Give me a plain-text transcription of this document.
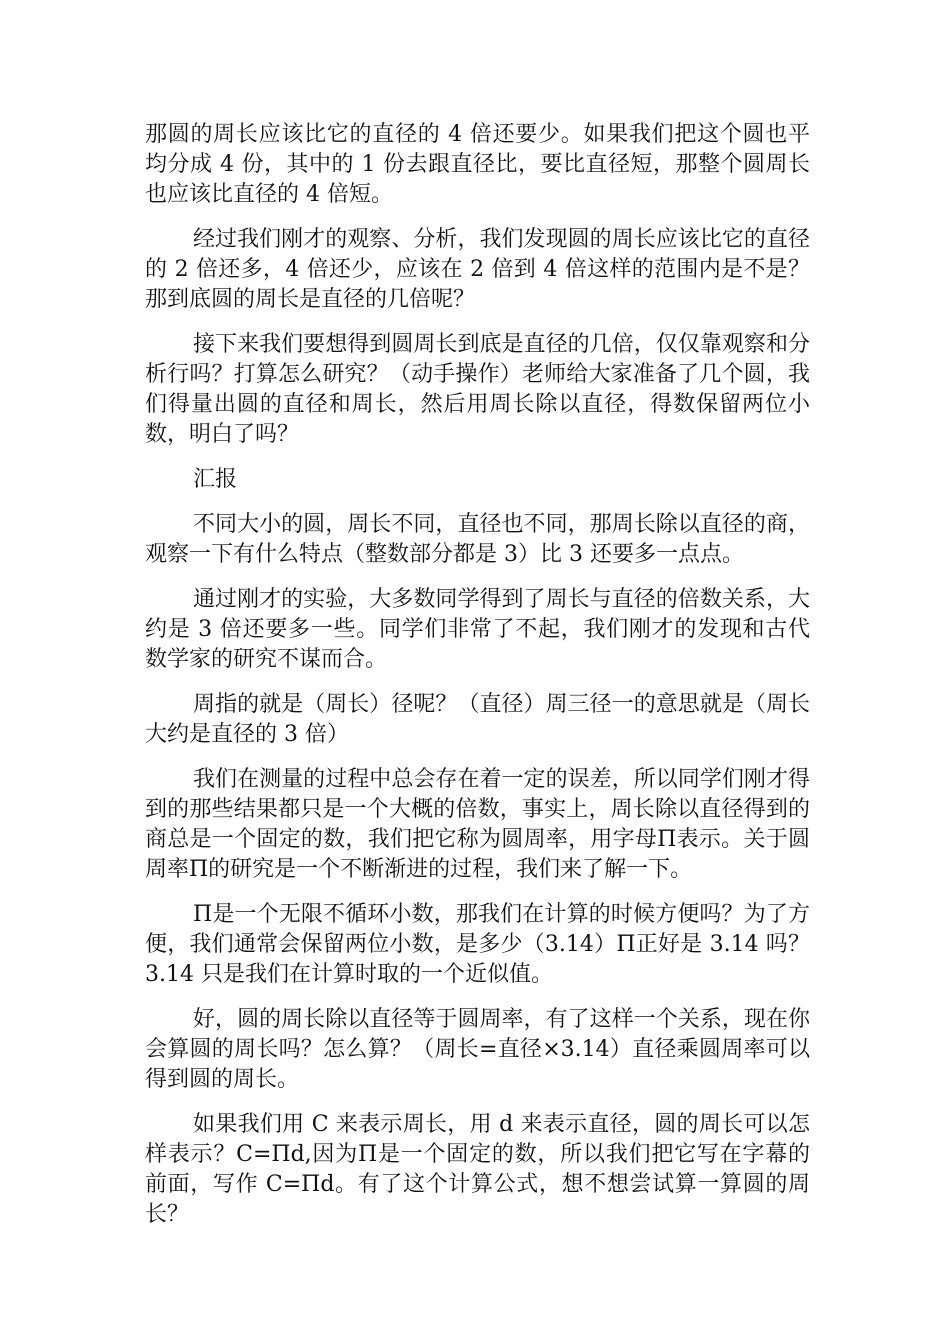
那圆的周长应该比它的直径的 4 倍还要少。如果我们把这个圆也平均分成 4 份，其中的 1 份去跟直径比，要比直径短，那整个圆周长也应该比直径的 4 倍短。

经过我们刚才的观察、分析，我们发现圆的周长应该比它的直径的 2 倍还多，4 倍还少，应该在 2 倍到 4 倍这样的范围内是不是？那到底圆的周长是直径的几倍呢？

接下来我们要想得到圆周长到底是直径的几倍，仅仅靠观察和分析行吗？打算怎么研究？（动手操作）老师给大家准备了几个圆，我们得量出圆的直径和周长，然后用周长除以直径，得数保留两位小数，明白了吗？

汇报

不同大小的圆，周长不同，直径也不同，那周长除以直径的商，观察一下有什么特点（整数部分都是 3）比 3 还要多一点点。

通过刚才的实验，大多数同学得到了周长与直径的倍数关系，大约是 3 倍还要多一些。同学们非常了不起，我们刚才的发现和古代数学家的研究不谋而合。

周指的就是（周长）径呢？（直径）周三径一的意思就是（周长大约是直径的 3 倍）

我们在测量的过程中总会存在着一定的误差，所以同学们刚才得到的那些结果都只是一个大概的倍数，事实上，周长除以直径得到的商总是一个固定的数，我们把它称为圆周率，用字母Π表示。关于圆周率Π的研究是一个不断渐进的过程，我们来了解一下。

Π是一个无限不循环小数，那我们在计算的时候方便吗？为了方便，我们通常会保留两位小数，是多少（3.14）Π正好是 3.14 吗？3.14 只是我们在计算时取的一个近似值。

好，圆的周长除以直径等于圆周率，有了这样一个关系，现在你会算圆的周长吗？怎么算？（周长=直径×3.14）直径乘圆周率可以得到圆的周长。

如果我们用 C 来表示周长，用 d 来表示直径，圆的周长可以怎样表示？C=Πd,因为Π是一个固定的数，所以我们把它写在字幕的前面，写作 C=Πd。有了这个计算公式，想不想尝试算一算圆的周长？
